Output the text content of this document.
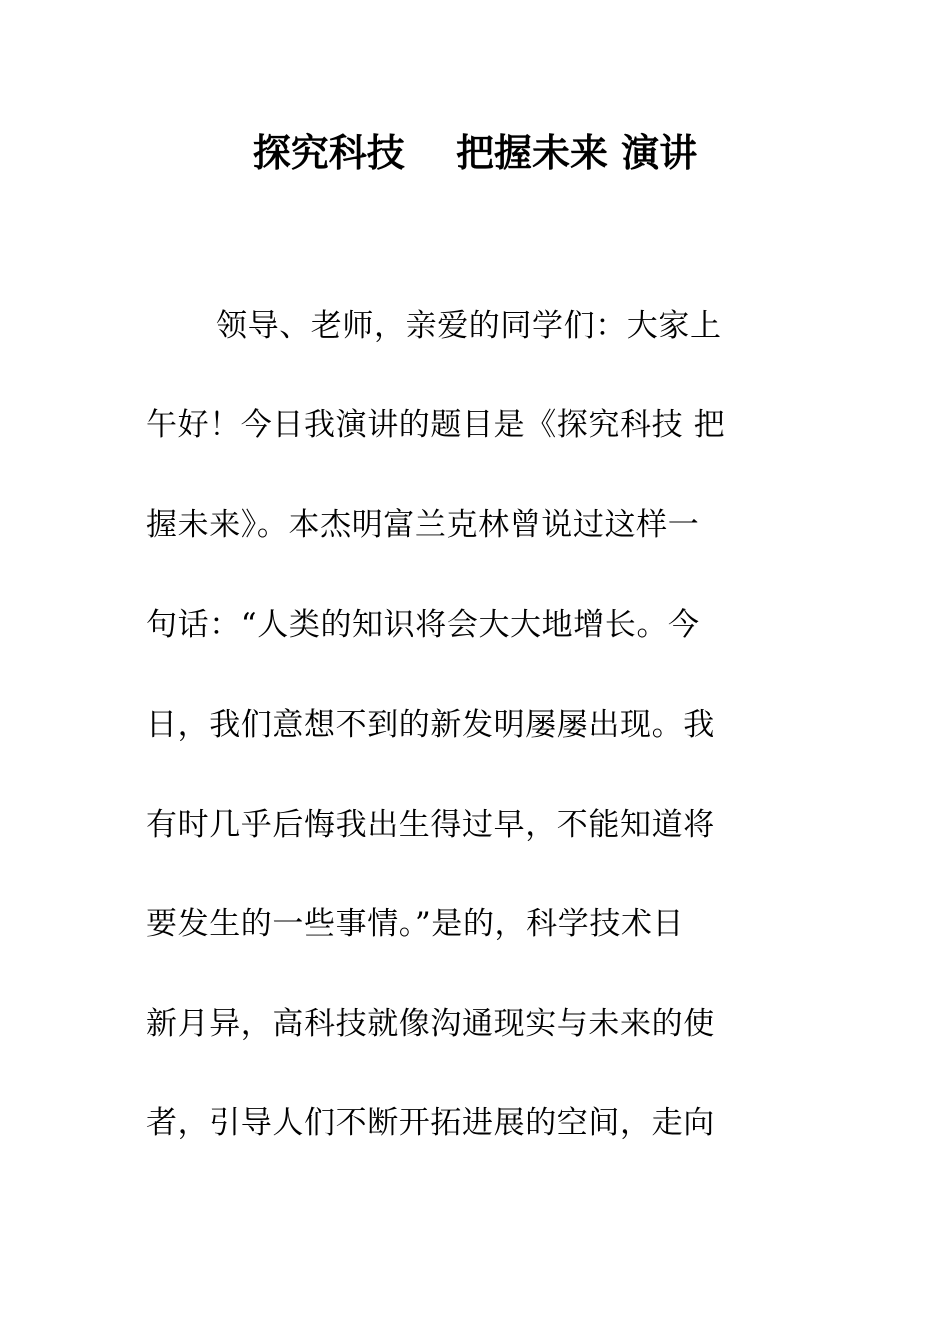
探究科技　 把握未来 演讲
领导、老师，亲爱的同学们：大家上
午好！今日我演讲的题目是《探究科技 把
握未来》。本杰明富兰克林曾说过这样一
句话：“人类的知识将会大大地增长。今
日，我们意想不到的新发明屡屡出现。我
有时几乎后悔我出生得过早，不能知道将
要发生的一些事情。”是的，科学技术日
新月异，高科技就像沟通现实与未来的使
者，引导人们不断开拓进展的空间，走向
